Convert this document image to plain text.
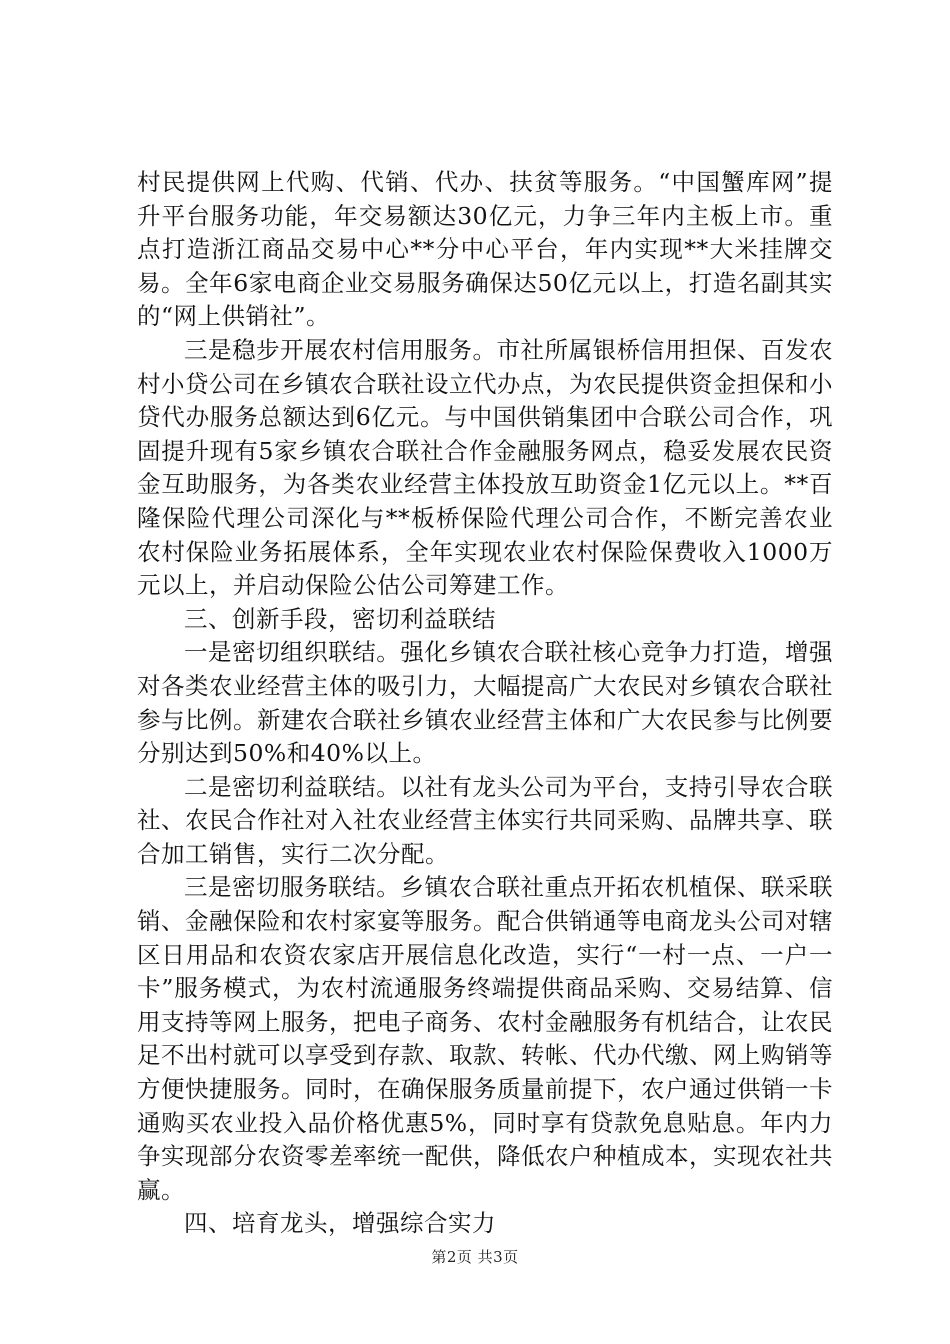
村民提供网上代购、代销、代办、扶贫等服务。“中国蟹库网”提升平台服务功能，年交易额达30亿元，力争三年内主板上市。重点打造浙江商品交易中心**分中心平台，年内实现**大米挂牌交易。全年6家电商企业交易服务确保达50亿元以上，打造名副其实的“网上供销社”。

三是稳步开展农村信用服务。市社所属银桥信用担保、百发农村小贷公司在乡镇农合联社设立代办点，为农民提供资金担保和小贷代办服务总额达到6亿元。与中国供销集团中合联公司合作，巩固提升现有5家乡镇农合联社合作金融服务网点，稳妥发展农民资金互助服务，为各类农业经营主体投放互助资金1亿元以上。**百隆保险代理公司深化与**板桥保险代理公司合作，不断完善农业农村保险业务拓展体系，全年实现农业农村保险保费收入1000万元以上，并启动保险公估公司筹建工作。

三、创新手段，密切利益联结

一是密切组织联结。强化乡镇农合联社核心竞争力打造，增强对各类农业经营主体的吸引力，大幅提高广大农民对乡镇农合联社参与比例。新建农合联社乡镇农业经营主体和广大农民参与比例要分别达到50%和40%以上。

二是密切利益联结。以社有龙头公司为平台，支持引导农合联社、农民合作社对入社农业经营主体实行共同采购、品牌共享、联合加工销售，实行二次分配。

三是密切服务联结。乡镇农合联社重点开拓农机植保、联采联销、金融保险和农村家宴等服务。配合供销通等电商龙头公司对辖区日用品和农资农家店开展信息化改造，实行“一村一点、一户一卡”服务模式，为农村流通服务终端提供商品采购、交易结算、信用支持等网上服务，把电子商务、农村金融服务有机结合，让农民足不出村就可以享受到存款、取款、转帐、代办代缴、网上购销等方便快捷服务。同时，在确保服务质量前提下，农户通过供销一卡通购买农业投入品价格优惠5%，同时享有贷款免息贴息。年内力争实现部分农资零差率统一配供，降低农户种植成本，实现农社共赢。

四、培育龙头，增强综合实力

第2页 共3页
